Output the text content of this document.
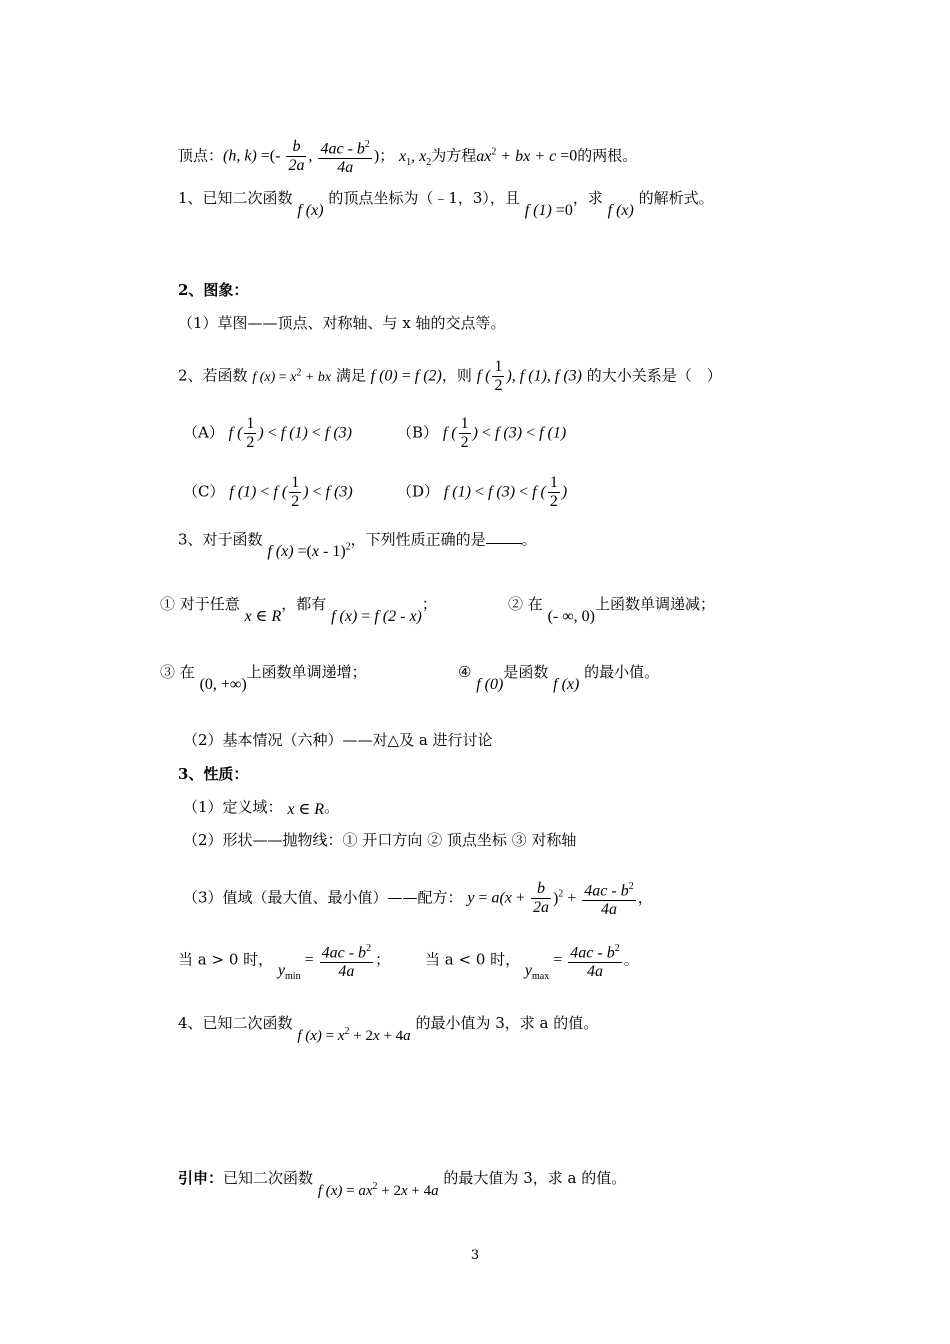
顶点：(h, k) =(- $\frac{b}{2a}$ , $\frac{4ac - b^2}{4a}$ )； $x_1$, $x_2$为方程$ax^2$ + bx + c =0的两根。
1、已知二次函数 f (x) 的顶点坐标为（﹣1，3），且 f (1) =0，求 f (x) 的解析式。
2、图象：
（1）草图——顶点、对称轴、与 x 轴的交点等。
2、若函数 f $(x) = x^2$ + bx 满足 f (0) = f (2)，则 f ( $\frac{1}{2}$ ), f (1), f (3) 的大小关系是（　）
（A） f ( $\frac{1}{2}$ ) < f (1) < f (3)	（B） f ( $\frac{1}{2}$ ) < f (3) < f (1)
（C） f (1) < f ( $\frac{1}{2}$ ) < f (3)	（D） f (1) < f (3) < f ( $\frac{1}{2}$ )
3、对于函数 f (x) =(x - 1)$^2$，下列性质正确的是 。
① 对于任意 x ∈ R，都有 f (x) = f (2 - x)；	② 在 (- ∞, 0)上函数单调递减；
③ 在 (0, +∞)上函数单调递增；	④ f (0)是函数 f (x) 的最小值。
（2）基本情况（六种）——对△及 a 进行讨论
3、性质：
（1）定义域： x ∈ R。
（2）形状——抛物线：① 开口方向 ② 顶点坐标 ③ 对称轴
（3）值域（最大值、最小值）——配方： $y = a(x + \frac{b}{2a} )^2 + \frac{4ac - b^2}{4a}$ ，
当 a > 0 时， $y_{min} = \frac{4ac - b^2}{4a}$ ； 当 a < 0 时， $y_{max} = \frac{4ac - b^2}{4a}$ 。
4、已知二次函数 f $(x) = x^2 + 2x + 4a$ 的最小值为 3，求 a 的值。
引申：已知二次函数 f $(x) = ax^2 + 2x + 4a$ 的最大值为 3，求 a 的值。
3
